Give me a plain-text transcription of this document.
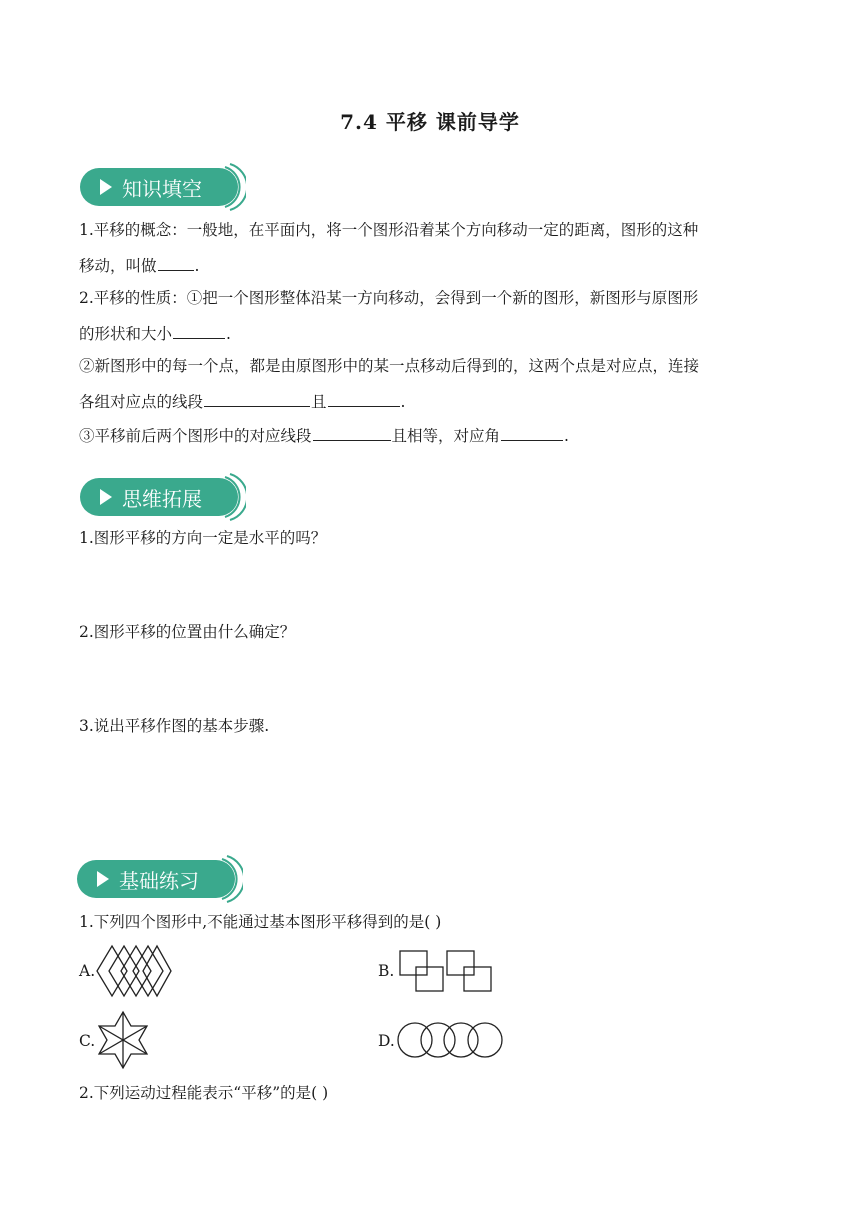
7.4 平移 课前导学
知识填空
1.平移的概念：一般地，在平面内，将一个图形沿着某个方向移动一定的距离，图形的这种
移动，叫做 .
2.平移的性质：①把一个图形整体沿某一方向移动，会得到一个新的图形，新图形与原图形
的形状和大小	.
②新图形中的每一个点，都是由原图形中的某一点移动后得到的，这两个点是对应点，连接
各组对应点的线段	且	.
③平移前后两个图形中的对应线段	且相等，对应角	.
思维拓展
1.图形平移的方向一定是水平的吗？
2.图形平移的位置由什么确定？
3.说出平移作图的基本步骤.
基础练习
1.下列四个图形中,不能通过基本图形平移得到的是( )
A.	B.
C.	D.
2.下列运动过程能表示“平移”的是( )
